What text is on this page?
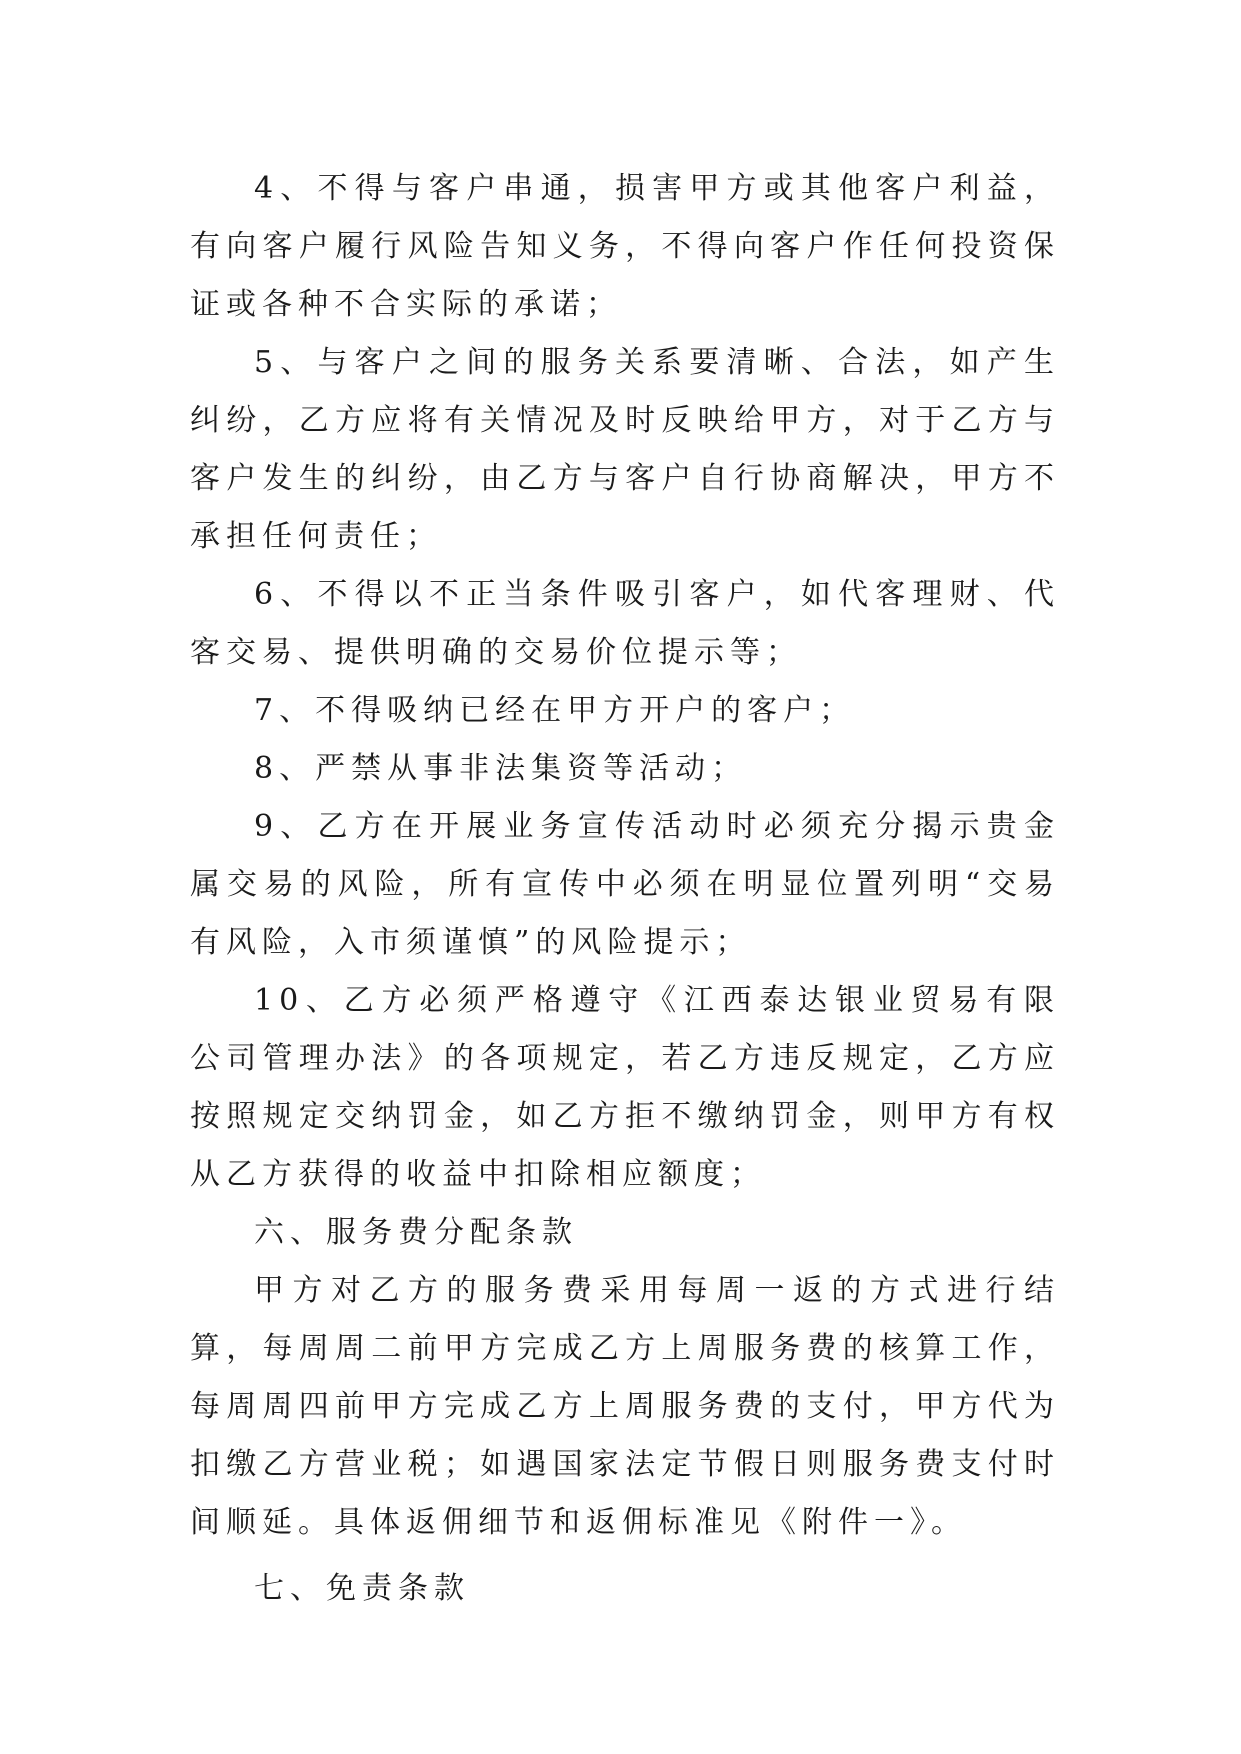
4、不得与客户串通，损害甲方或其他客户利益，有向客户履行风险告知义务，不得向客户作任何投资保证或各种不合实际的承诺；

5、与客户之间的服务关系要清晰、合法，如产生纠纷，乙方应将有关情况及时反映给甲方，对于乙方与客户发生的纠纷，由乙方与客户自行协商解决，甲方不承担任何责任；

6、不得以不正当条件吸引客户，如代客理财、代客交易、提供明确的交易价位提示等；

7、不得吸纳已经在甲方开户的客户；

8、严禁从事非法集资等活动；

9、乙方在开展业务宣传活动时必须充分揭示贵金属交易的风险，所有宣传中必须在明显位置列明“交易有风险，入市须谨慎”的风险提示；

10、乙方必须严格遵守《江西泰达银业贸易有限公司管理办法》的各项规定，若乙方违反规定，乙方应按照规定交纳罚金，如乙方拒不缴纳罚金，则甲方有权从乙方获得的收益中扣除相应额度；

六、服务费分配条款

甲方对乙方的服务费采用每周一返的方式进行结算，每周周二前甲方完成乙方上周服务费的核算工作，每周周四前甲方完成乙方上周服务费的支付，甲方代为扣缴乙方营业税；如遇国家法定节假日则服务费支付时间顺延。具体返佣细节和返佣标准见《附件一》。

七、免责条款
